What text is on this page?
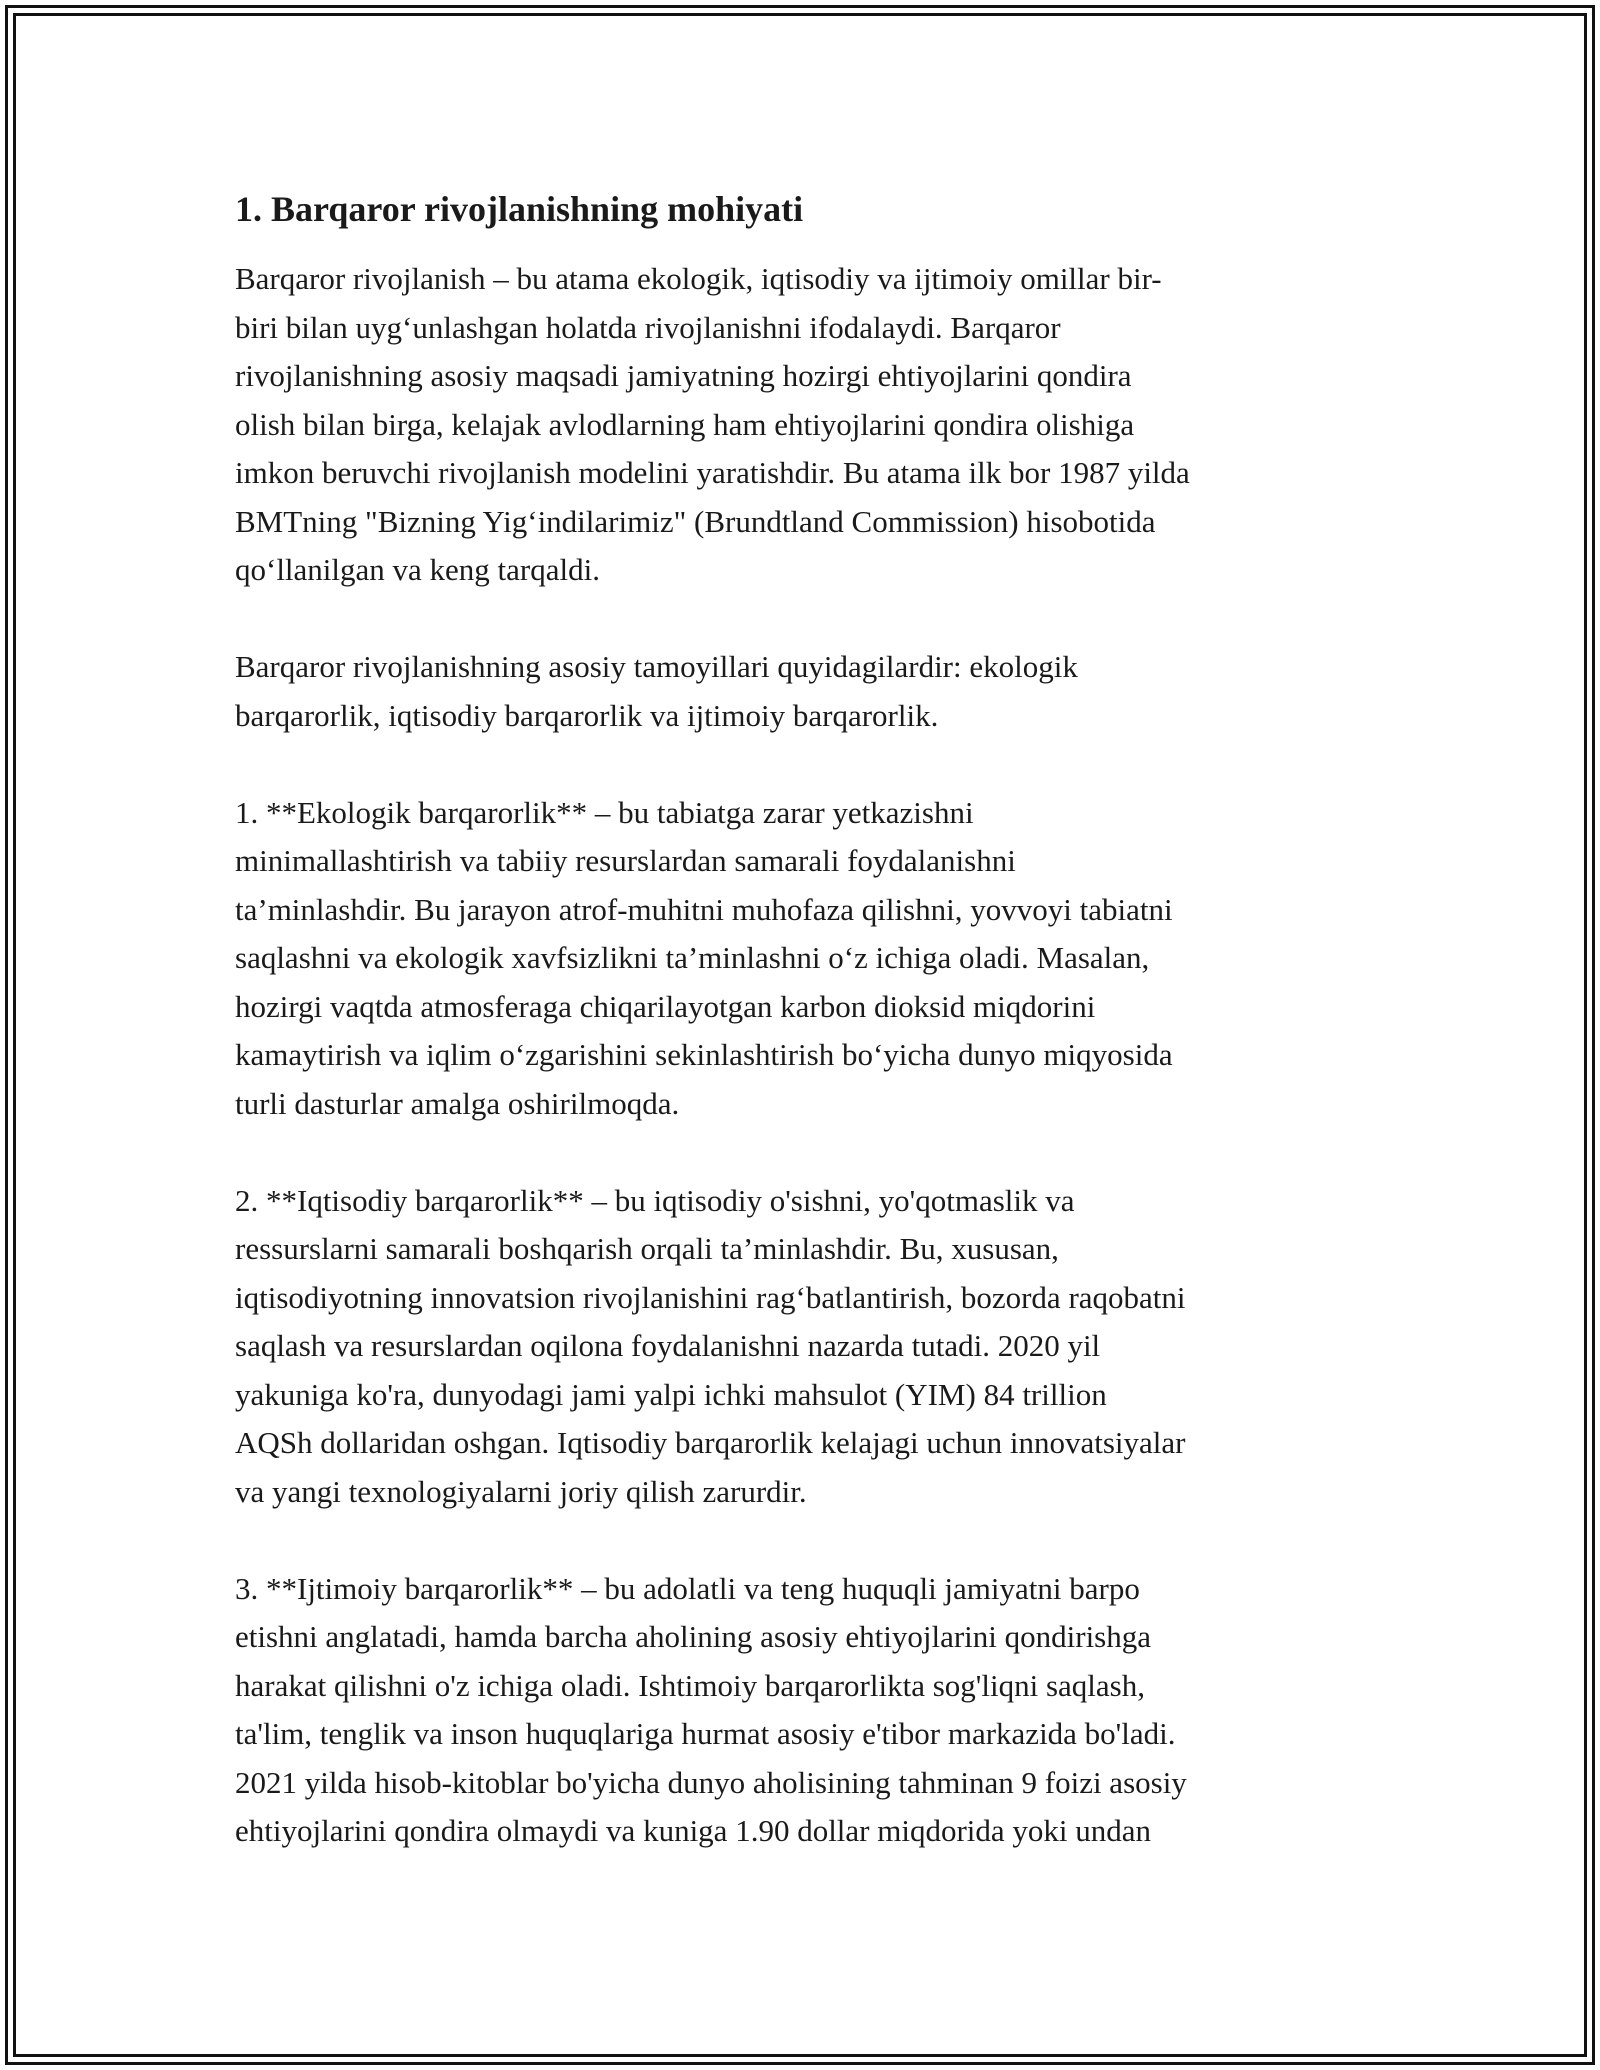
1. Barqaror rivojlanishning mohiyati
Barqaror rivojlanish – bu atama ekologik, iqtisodiy va ijtimoiy omillar bir-
biri bilan uygʻunlashgan holatda rivojlanishni ifodalaydi. Barqaror
rivojlanishning asosiy maqsadi jamiyatning hozirgi ehtiyojlarini qondira
olish bilan birga, kelajak avlodlarning ham ehtiyojlarini qondira olishiga
imkon beruvchi rivojlanish modelini yaratishdir. Bu atama ilk bor 1987 yilda
BMTning "Bizning Yigʻindilarimiz" (Brundtland Commission) hisobotida
qoʻllanilgan va keng tarqaldi.
Barqaror rivojlanishning asosiy tamoyillari quyidagilardir: ekologik
barqarorlik, iqtisodiy barqarorlik va ijtimoiy barqarorlik.
1. **Ekologik barqarorlik** – bu tabiatga zarar yetkazishni
minimallashtirish va tabiiy resurslardan samarali foydalanishni
ta’minlashdir. Bu jarayon atrof-muhitni muhofaza qilishni, yovvoyi tabiatni
saqlashni va ekologik xavfsizlikni ta’minlashni oʻz ichiga oladi. Masalan,
hozirgi vaqtda atmosferaga chiqarilayotgan karbon dioksid miqdorini
kamaytirish va iqlim oʻzgarishini sekinlashtirish boʻyicha dunyo miqyosida
turli dasturlar amalga oshirilmoqda.
2. **Iqtisodiy barqarorlik** – bu iqtisodiy o'sishni, yo'qotmaslik va
ressurslarni samarali boshqarish orqali ta’minlashdir. Bu, xususan,
iqtisodiyotning innovatsion rivojlanishini ragʻbatlantirish, bozorda raqobatni
saqlash va resurslardan oqilona foydalanishni nazarda tutadi. 2020 yil
yakuniga ko'ra, dunyodagi jami yalpi ichki mahsulot (YIM) 84 trillion
AQSh dollaridan oshgan. Iqtisodiy barqarorlik kelajagi uchun innovatsiyalar
va yangi texnologiyalarni joriy qilish zarurdir.
3. **Ijtimoiy barqarorlik** – bu adolatli va teng huquqli jamiyatni barpo
etishni anglatadi, hamda barcha aholining asosiy ehtiyojlarini qondirishga
harakat qilishni o'z ichiga oladi. Ishtimoiy barqarorlikta sog'liqni saqlash,
ta'lim, tenglik va inson huquqlariga hurmat asosiy e'tibor markazida bo'ladi.
2021 yilda hisob-kitoblar bo'yicha dunyo aholisining tahminan 9 foizi asosiy
ehtiyojlarini qondira olmaydi va kuniga 1.90 dollar miqdorida yoki undan
